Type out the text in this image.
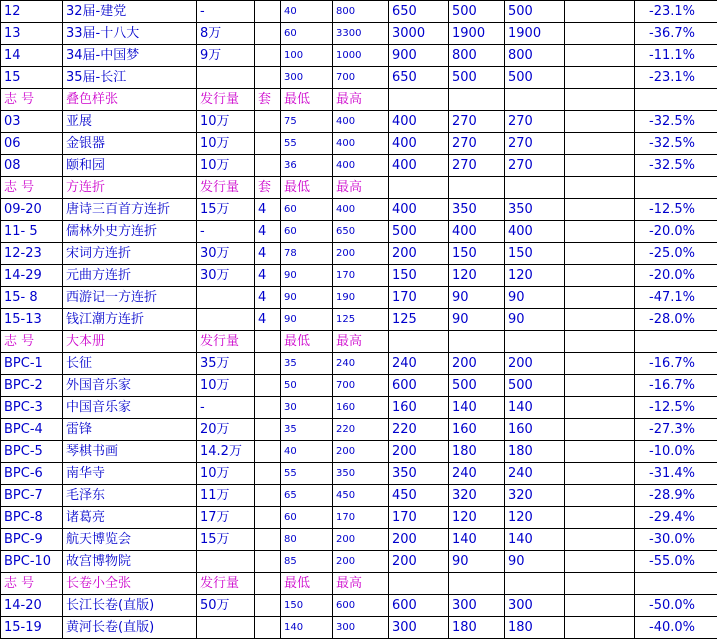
12	32届-建党	-		40	800	650	500	500		-23.1%
13	33届-十八大	8万		60	3300	3000	1900	1900		-36.7%
14	34届-中国梦	9万		100	1000	900	800	800		-11.1%
15	35届-长江			300	700	650	500	500		-23.1%
志 号	叠色样张	发行量	套	最低	最高					
03	亚展	10万		75	400	400	270	270		-32.5%
06	金银器	10万		55	400	400	270	270		-32.5%
08	颐和园	10万		36	400	400	270	270		-32.5%
志 号	方连折	发行量	套	最低	最高					
09-20	唐诗三百首方连折	15万	4	60	400	400	350	350		-12.5%
11- 5	儒林外史方连折	-	4	60	650	500	400	400		-20.0%
12-23	宋词方连折	30万	4	78	200	200	150	150		-25.0%
14-29	元曲方连折	30万	4	90	170	150	120	120		-20.0%
15- 8	西游记一方连折		4	90	190	170	90	90		-47.1%
15-13	钱江潮方连折		4	90	125	125	90	90		-28.0%
志 号	大本册	发行量		最低	最高					
BPC-1	长征	35万		35	240	240	200	200		-16.7%
BPC-2	外国音乐家	10万		50	700	600	500	500		-16.7%
BPC-3	中国音乐家	-		30	160	160	140	140		-12.5%
BPC-4	雷锋	20万		35	220	220	160	160		-27.3%
BPC-5	琴棋书画	14.2万		40	200	200	180	180		-10.0%
BPC-6	南华寺	10万		55	350	350	240	240		-31.4%
BPC-7	毛泽东	11万		65	450	450	320	320		-28.9%
BPC-8	诸葛亮	17万		60	170	170	120	120		-29.4%
BPC-9	航天博览会	15万		80	200	200	140	140		-30.0%
BPC-10	故宫博物院			85	200	200	90	90		-55.0%
志 号	长卷小全张	发行量		最低	最高					
14-20	长江长卷(直版)	50万		150	600	600	300	300		-50.0%
15-19	黄河长卷(直版)			140	300	300	180	180		-40.0%
